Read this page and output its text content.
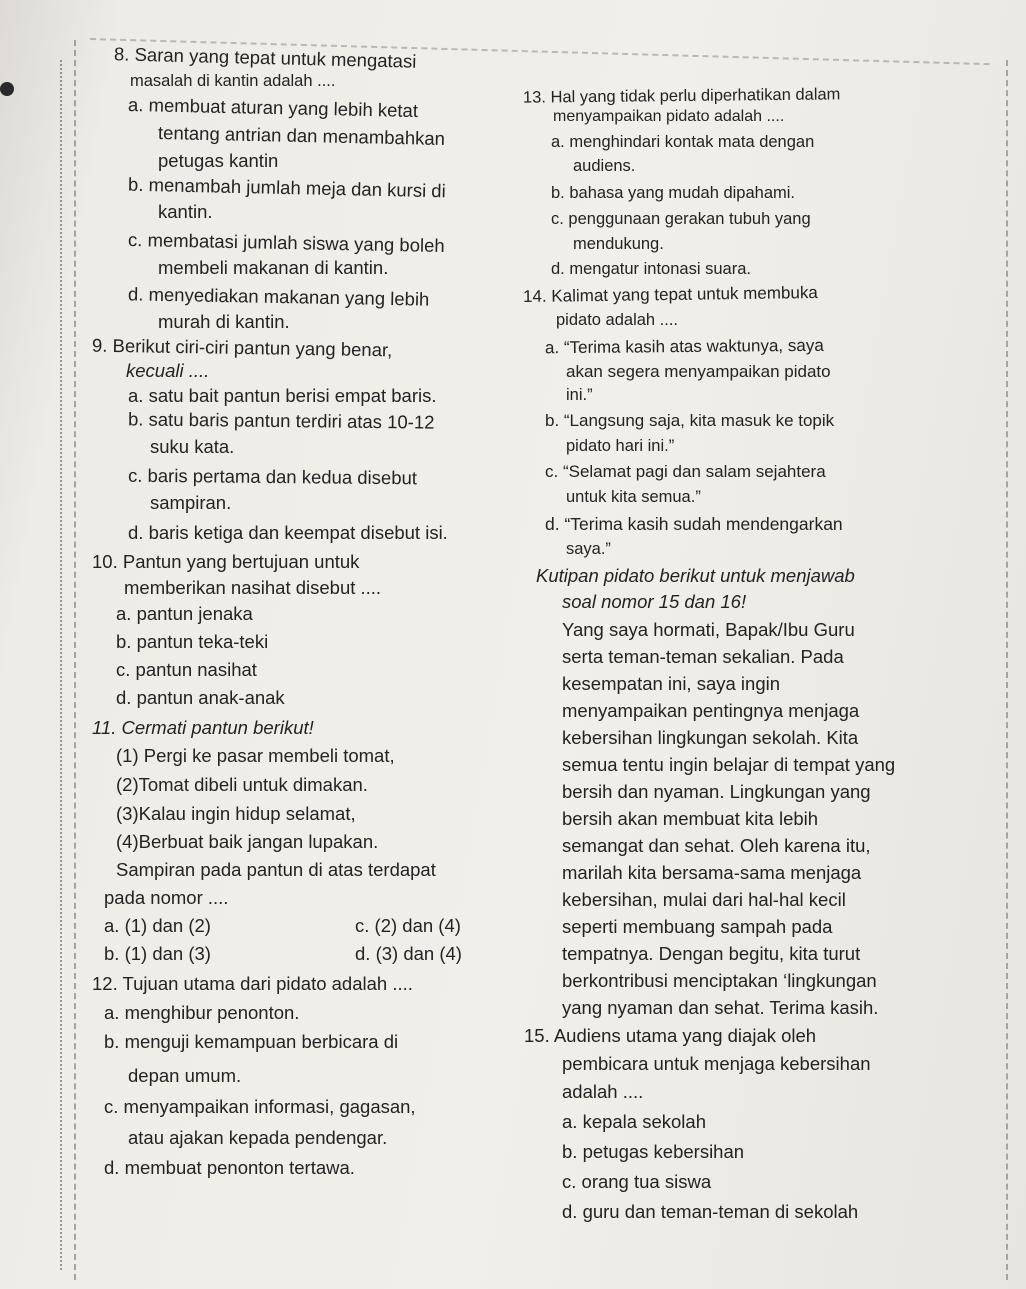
8. Saran yang tepat untuk mengatasi
masalah di kantin adalah ....
a. membuat aturan yang lebih ketat
tentang antrian dan menambahkan
petugas kantin
b. menambah jumlah meja dan kursi di
kantin.
c. membatasi jumlah siswa yang boleh
membeli makanan di kantin.
d. menyediakan makanan yang lebih
murah di kantin.
9. Berikut ciri-ciri pantun yang benar,
kecuali ....
a. satu bait pantun berisi empat baris.
b. satu baris pantun terdiri atas 10-12
suku kata.
c. baris pertama dan kedua disebut
sampiran.
d. baris ketiga dan keempat disebut isi.
10. Pantun yang bertujuan untuk
memberikan nasihat disebut ....
a. pantun jenaka
b. pantun teka-teki
c. pantun nasihat
d. pantun anak-anak
11. Cermati pantun berikut!
(1) Pergi ke pasar membeli tomat,
(2)Tomat dibeli untuk dimakan.
(3)Kalau ingin hidup selamat,
(4)Berbuat baik jangan lupakan.
Sampiran pada pantun di atas terdapat
pada nomor ....
a. (1) dan (2)	c. (2) dan (4)
b. (1) dan (3)	d. (3) dan (4)
12. Tujuan utama dari pidato adalah ....
a. menghibur penonton.
b. menguji kemampuan berbicara di
depan umum.
c. menyampaikan informasi, gagasan,
atau ajakan kepada pendengar.
d. membuat penonton tertawa.
13. Hal yang tidak perlu diperhatikan dalam
menyampaikan pidato adalah ....
a. menghindari kontak mata dengan
audiens.
b. bahasa yang mudah dipahami.
c. penggunaan gerakan tubuh yang
mendukung.
d. mengatur intonasi suara.
14. Kalimat yang tepat untuk membuka
pidato adalah ....
a. “Terima kasih atas waktunya, saya
akan segera menyampaikan pidato
ini.”
b. “Langsung saja, kita masuk ke topik
pidato hari ini.”
c. “Selamat pagi dan salam sejahtera
untuk kita semua.”
d. “Terima kasih sudah mendengarkan
saya.”
Kutipan pidato berikut untuk menjawab
soal nomor 15 dan 16!
Yang saya hormati, Bapak/Ibu Guru
serta teman-teman sekalian. Pada
kesempatan ini, saya ingin
menyampaikan pentingnya menjaga
kebersihan lingkungan sekolah. Kita
semua tentu ingin belajar di tempat yang
bersih dan nyaman. Lingkungan yang
bersih akan membuat kita lebih
semangat dan sehat. Oleh karena itu,
marilah kita bersama-sama menjaga
kebersihan, mulai dari hal-hal kecil
seperti membuang sampah pada
tempatnya. Dengan begitu, kita turut
berkontribusi menciptakan ‘lingkungan
yang nyaman dan sehat. Terima kasih.
15. Audiens utama yang diajak oleh
pembicara untuk menjaga kebersihan
adalah ....
a. kepala sekolah
b. petugas kebersihan
c. orang tua siswa
d. guru dan teman-teman di sekolah
